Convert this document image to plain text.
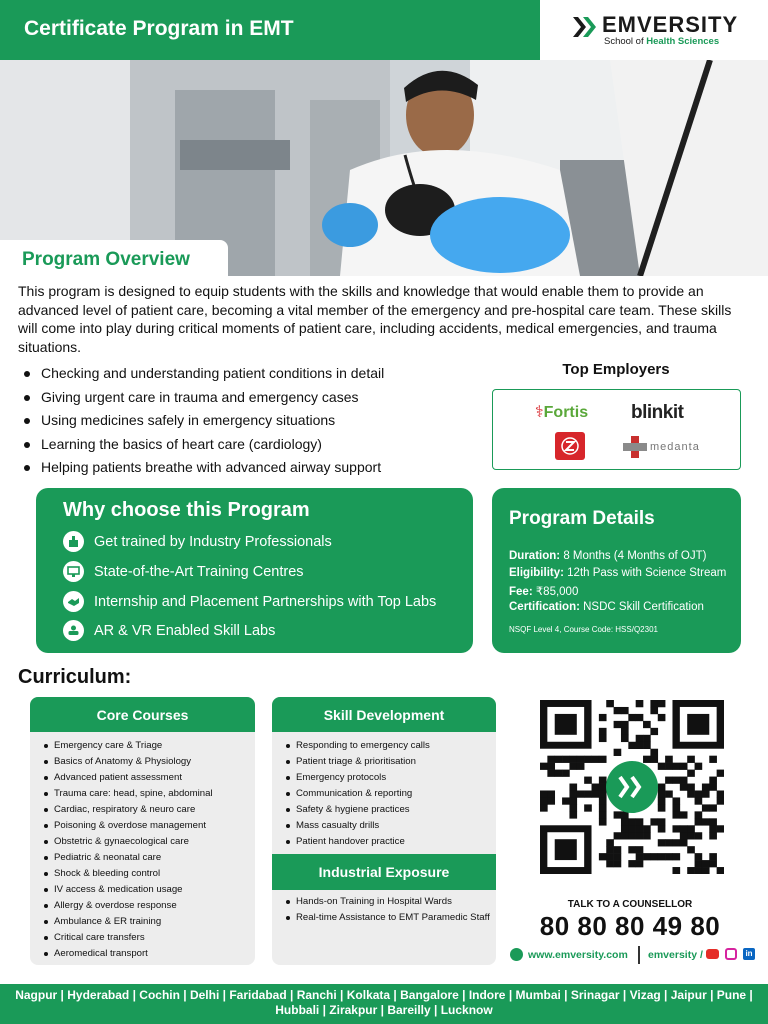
Certificate Program in EMT	EMVERSITY
School of Health Sciences
Program Overview

This program is designed to equip students with the skills and knowledge that would enable them to provide an advanced level of patient care, becoming a vital member of the emergency and pre-hospital care team. These skills will come into play during critical moments of patient care, including accidents, medical emergencies, and trauma situations.

Checking and understanding patient conditions in detail
Giving urgent care in trauma and emergency cases
Using medicines safely in emergency situations
Learning the basics of heart care (cardiology)
Helping patients breathe with advanced airway support
Top Employers
⚕Fortis blinkit
medanta
Why choose this Program
Get trained by Industry Professionals
State-of-the-Art Training Centres
Internship and Placement Partnerships with Top Labs
AR & VR Enabled Skill Labs
Program Details
Duration: 8 Months (4 Months of OJT)
Eligibility: 12th Pass with Science Stream
Fee: ₹85,000
Certification: NSDC Skill Certification
NSQF Level 4, Course Code: HSS/Q2301
Curriculum:
Core Courses
Emergency care & Triage
Basics of Anatomy & Physiology
Advanced patient assessment
Trauma care: head, spine, abdominal
Cardiac, respiratory & neuro care
Poisoning & overdose management
Obstetric & gynaecological care
Pediatric & neonatal care
Shock & bleeding control
IV access & medication usage
Allergy & overdose response
Ambulance & ER training
Critical care transfers
Aeromedical transport
Skill Development
Responding to emergency calls
Patient triage & prioritisation
Emergency protocols
Communication & reporting
Safety & hygiene practices
Mass casualty drills
Patient handover practice
Industrial Exposure
Hands-on Training in Hospital Wards
Real-time Assistance to EMT Paramedic Staff
TALK TO A COUNSELLOR
80 80 80 49 80
www.emversity.com emversity /	in
Nagpur | Hyderabad | Cochin | Delhi | Faridabad | Ranchi | Kolkata | Bangalore | Indore | Mumbai | Srinagar | Vizag | Jaipur | Pune |
Hubbali | Zirakpur | Bareilly | Lucknow
